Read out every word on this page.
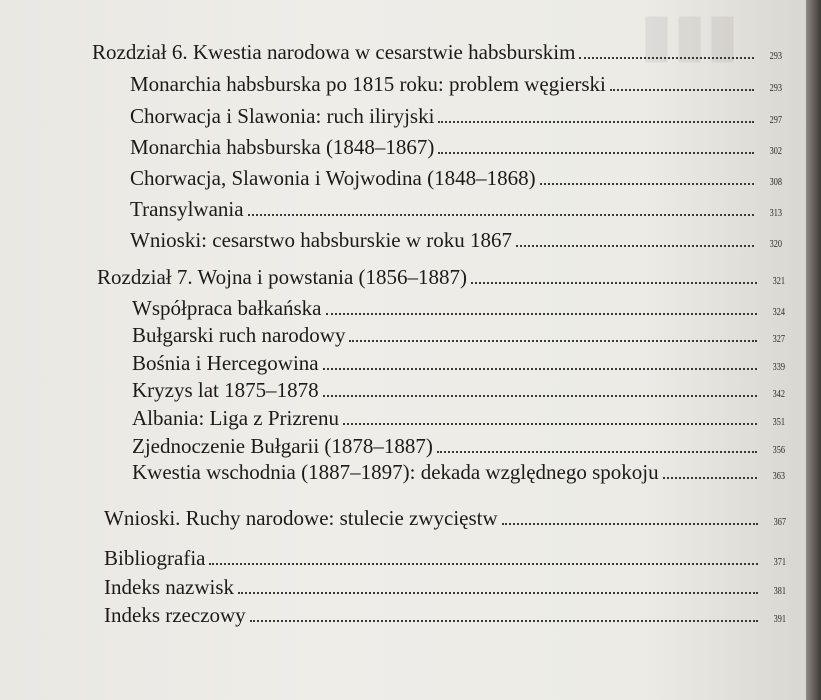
▮▮▮
Rozdział 6. Kwestia narodowa w cesarstwie habsburskim	293
Monarchia habsburska po 1815 roku: problem węgierski	293
Chorwacja i Slawonia: ruch iliryjski	297
Monarchia habsburska (1848–1867)	302
Chorwacja, Slawonia i Wojwodina (1848–1868)	308
Transylwania	313
Wnioski: cesarstwo habsburskie w roku 1867	320
Rozdział 7. Wojna i powstania (1856–1887)	321
Współpraca bałkańska	324
Bułgarski ruch narodowy	327
Bośnia i Hercegowina	339
Kryzys lat 1875–1878	342
Albania: Liga z Prizrenu	351
Zjednoczenie Bułgarii (1878–1887)	356
Kwestia wschodnia (1887–1897): dekada względnego spokoju	363
Wnioski. Ruchy narodowe: stulecie zwycięstw	367
Bibliografia	371
Indeks nazwisk	381
Indeks rzeczowy	391
